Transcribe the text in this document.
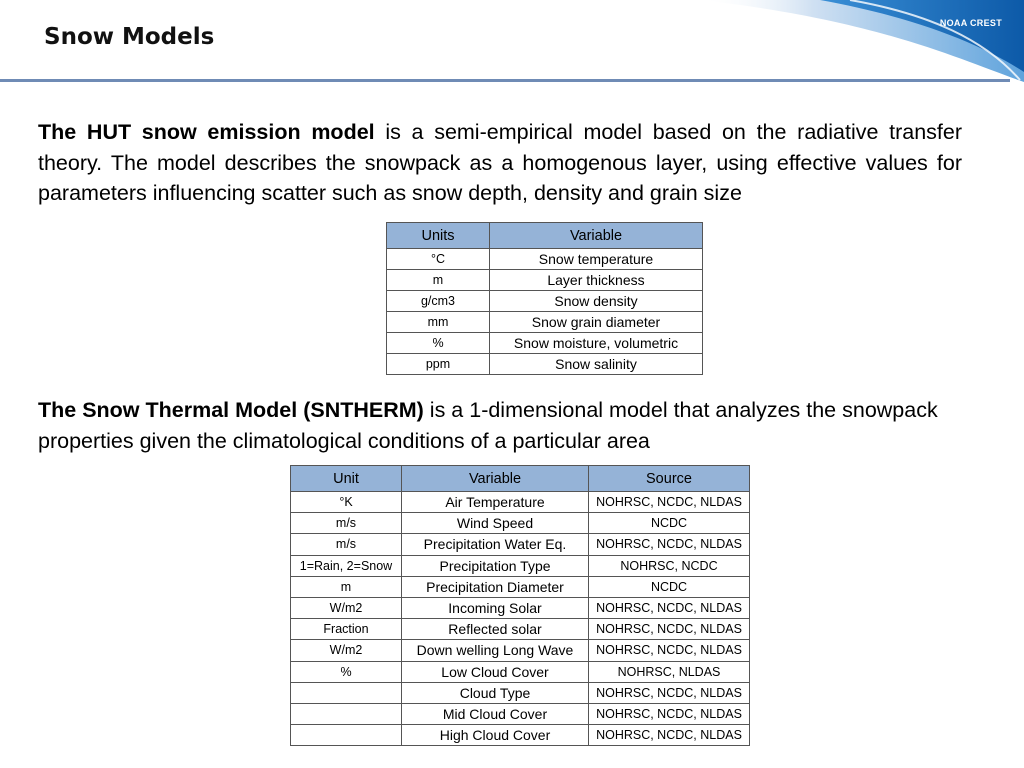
NOAA CREST
Snow Models
The HUT snow emission model is a semi-empirical model based on the radiative transfer theory. The model describes the snowpack as a homogenous layer, using effective values for parameters influencing scatter such as snow depth, density and grain size
Units	Variable
°C	Snow temperature
m	Layer thickness
g/cm3	Snow density
mm	Snow grain diameter
%	Snow moisture, volumetric
ppm	Snow salinity
The Snow Thermal Model (SNTHERM) is a 1-dimensional model that analyzes the snowpack properties given the climatological conditions of a particular area
Unit	Variable	Source
°K	Air Temperature	NOHRSC, NCDC, NLDAS
m/s	Wind Speed	NCDC
m/s	Precipitation Water Eq.	NOHRSC, NCDC, NLDAS
1=Rain, 2=Snow	Precipitation Type	NOHRSC, NCDC
m	Precipitation Diameter	NCDC
W/m2	Incoming Solar	NOHRSC, NCDC, NLDAS
Fraction	Reflected solar	NOHRSC, NCDC, NLDAS
W/m2	Down welling Long Wave	NOHRSC, NCDC, NLDAS
%	Low Cloud Cover	NOHRSC, NLDAS
	Cloud Type	NOHRSC, NCDC, NLDAS
	Mid Cloud Cover	NOHRSC, NCDC, NLDAS
	High Cloud Cover	NOHRSC, NCDC, NLDAS
